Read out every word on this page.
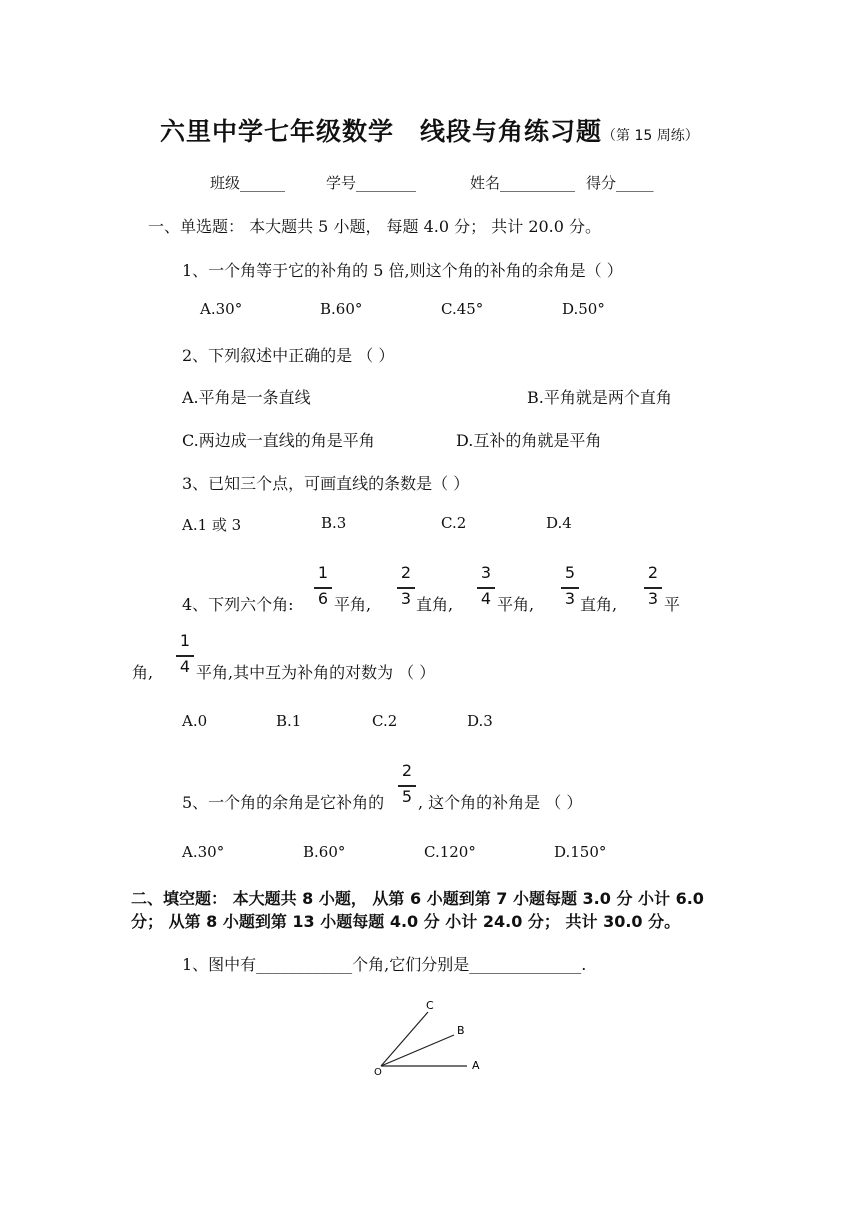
六里中学七年级数学　线段与角练习题（第 15 周练）
班级______	学号________	姓名__________ 得分_____
一、单选题： 本大题共 5 小题， 每题 4.0 分； 共计 20.0 分。
1、一个角等于它的补角的 5 倍,则这个角的补角的余角是（ ）
A.30°	B.60°	C.45°	D.50°
2、下列叙述中正确的是 （ ）
A.平角是一条直线	B.平角就是两个直角
C.两边成一直线的角是平角	D.互补的角就是平角
3、已知三个点，可画直线的条数是（ ）
A.1 或 3	B.3	C.2	D.4
4、下列六个角:
1
6 平角,
2
3 直角,
3
4 平角,
5
3 直角,
2
3 平
角,
1
4 平角,其中互为补角的对数为 （ ）
A.0	B.1	C.2	D.3
5、一个角的余角是它补角的
2
5 , 这个角的补角是 （ ）
A.30°	B.60°	C.120°	D.150°
二、填空题： 本大题共 8 小题， 从第 6 小题到第 7 小题每题 3.0 分 小计 6.0
分； 从第 8 小题到第 13 小题每题 4.0 分 小计 24.0 分； 共计 30.0 分。
1、图中有____________个角,它们分别是______________.
C
B
A
O
